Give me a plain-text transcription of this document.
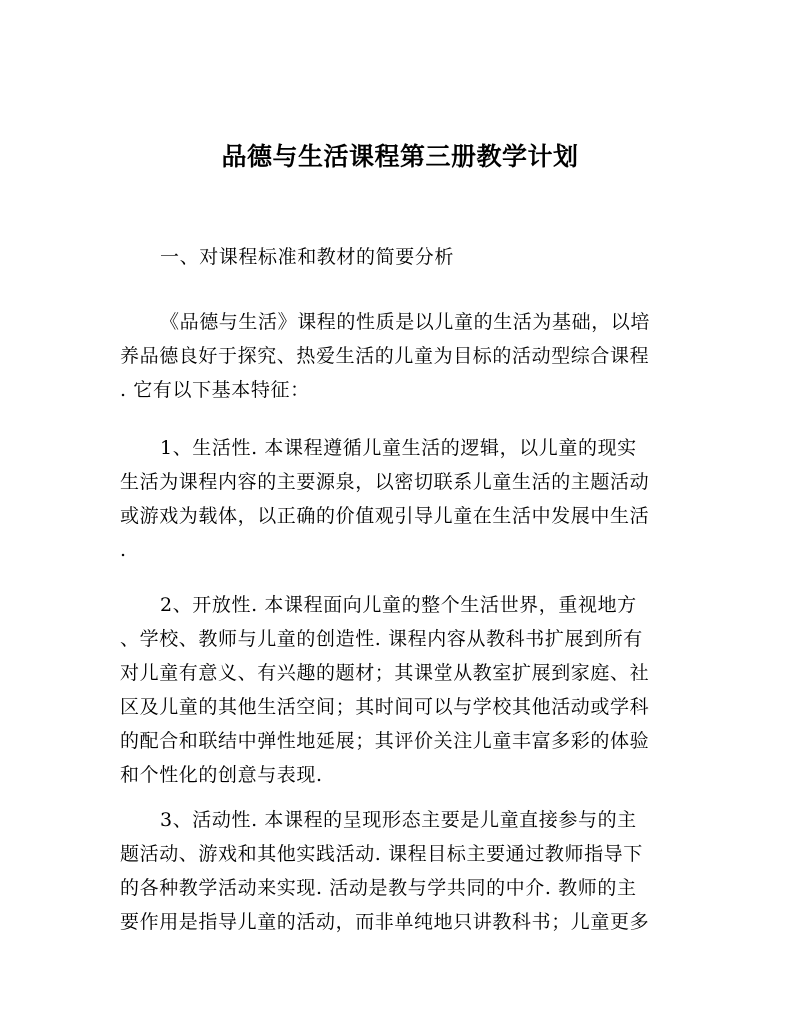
品德与生活课程第三册教学计划
一、对课程标准和教材的简要分析
《品德与生活》课程的性质是以儿童的生活为基础，以培
养品德良好于探究、热爱生活的儿童为目标的活动型综合课程
. 它有以下基本特征：
1、生活性. 本课程遵循儿童生活的逻辑，以儿童的现实
生活为课程内容的主要源泉，以密切联系儿童生活的主题活动
或游戏为载体，以正确的价值观引导儿童在生活中发展中生活
.
2、开放性. 本课程面向儿童的整个生活世界，重视地方
、学校、教师与儿童的创造性. 课程内容从教科书扩展到所有
对儿童有意义、有兴趣的题材；其课堂从教室扩展到家庭、社
区及儿童的其他生活空间；其时间可以与学校其他活动或学科
的配合和联结中弹性地延展；其评价关注儿童丰富多彩的体验
和个性化的创意与表现.
3、活动性. 本课程的呈现形态主要是儿童直接参与的主
题活动、游戏和其他实践活动. 课程目标主要通过教师指导下
的各种教学活动来实现. 活动是教与学共同的中介. 教师的主
要作用是指导儿童的活动，而非单纯地只讲教科书；儿童更多
